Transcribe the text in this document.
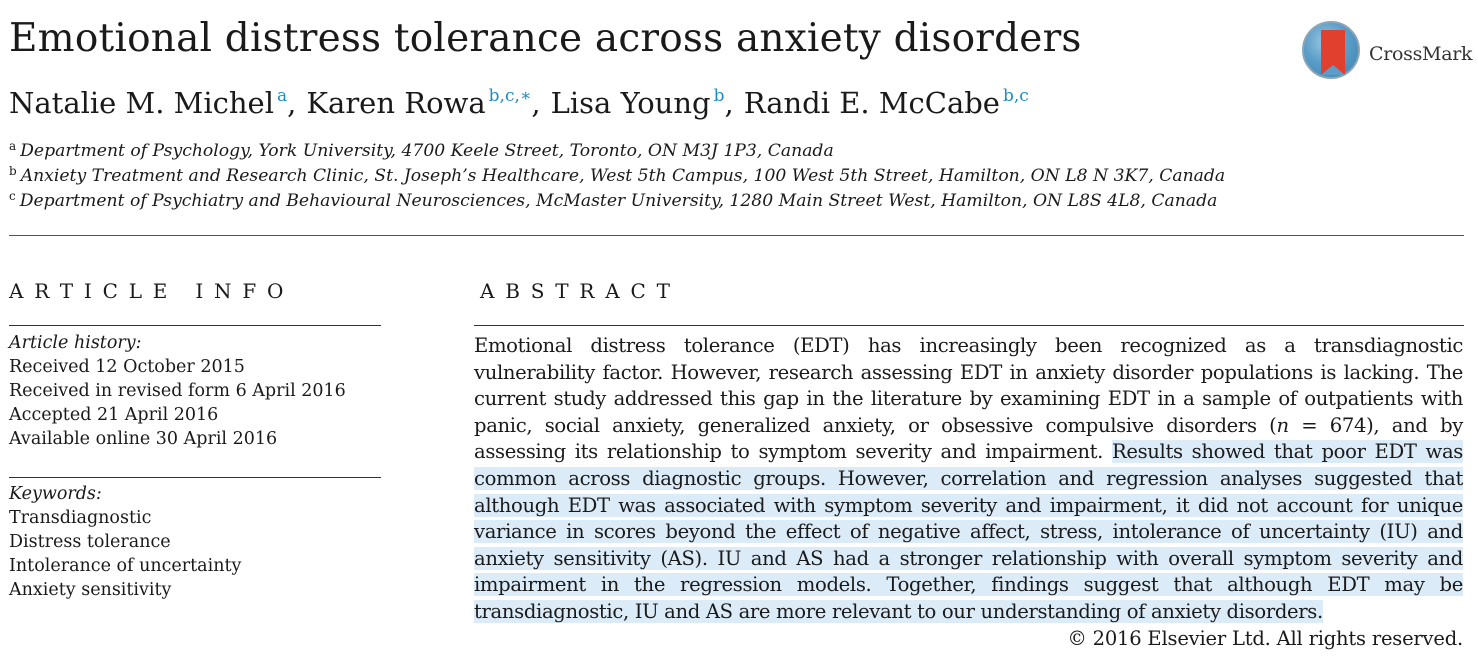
Emotional distress tolerance across anxiety disorders	CrossMark
Natalie M. Michel $^a$, Karen Rowa $^{b,c,∗}$, Lisa Young $^b$, Randi E. McCabe $^{b,c}$
$^a$ Department of Psychology, York University, 4700 Keele Street, Toronto, ON M3J 1P3, Canada
$^b$ Anxiety Treatment and Research Clinic, St. Joseph’s Healthcare, West 5th Campus, 100 West 5th Street, Hamilton, ON L8 N 3K7, Canada
$^c$ Department of Psychiatry and Behavioural Neurosciences, McMaster University, 1280 Main Street West, Hamilton, ON L8S 4L8, Canada
ARTICLE INFO
Article history:
Received 12 October 2015
Received in revised form 6 April 2016
Accepted 21 April 2016
Available online 30 April 2016
Keywords:
Transdiagnostic
Distress tolerance
Intolerance of uncertainty
Anxiety sensitivity
ABSTRACT
Emotional distress tolerance (EDT) has increasingly been recognized as a transdiagnostic vulnerability factor. However, research assessing EDT in anxiety disorder populations is lacking. The current study addressed this gap in the literature by examining EDT in a sample of outpatients with panic, social anxiety, generalized anxiety, or obsessive compulsive disorders (n = 674), and by assessing its relationship to symptom severity and impairment. Results showed that poor EDT was common across diagnostic groups. However, correlation and regression analyses suggested that although EDT was associated with symptom severity and impairment, it did not account for unique variance in scores beyond the effect of negative affect, stress, intolerance of uncertainty (IU) and anxiety sensitivity (AS). IU and AS had a stronger relationship with overall symptom severity and impairment in the regression models. Together, findings suggest that although EDT may be transdiagnostic, IU and AS are more relevant to our understanding of anxiety disorders.
© 2016 Elsevier Ltd. All rights reserved.
